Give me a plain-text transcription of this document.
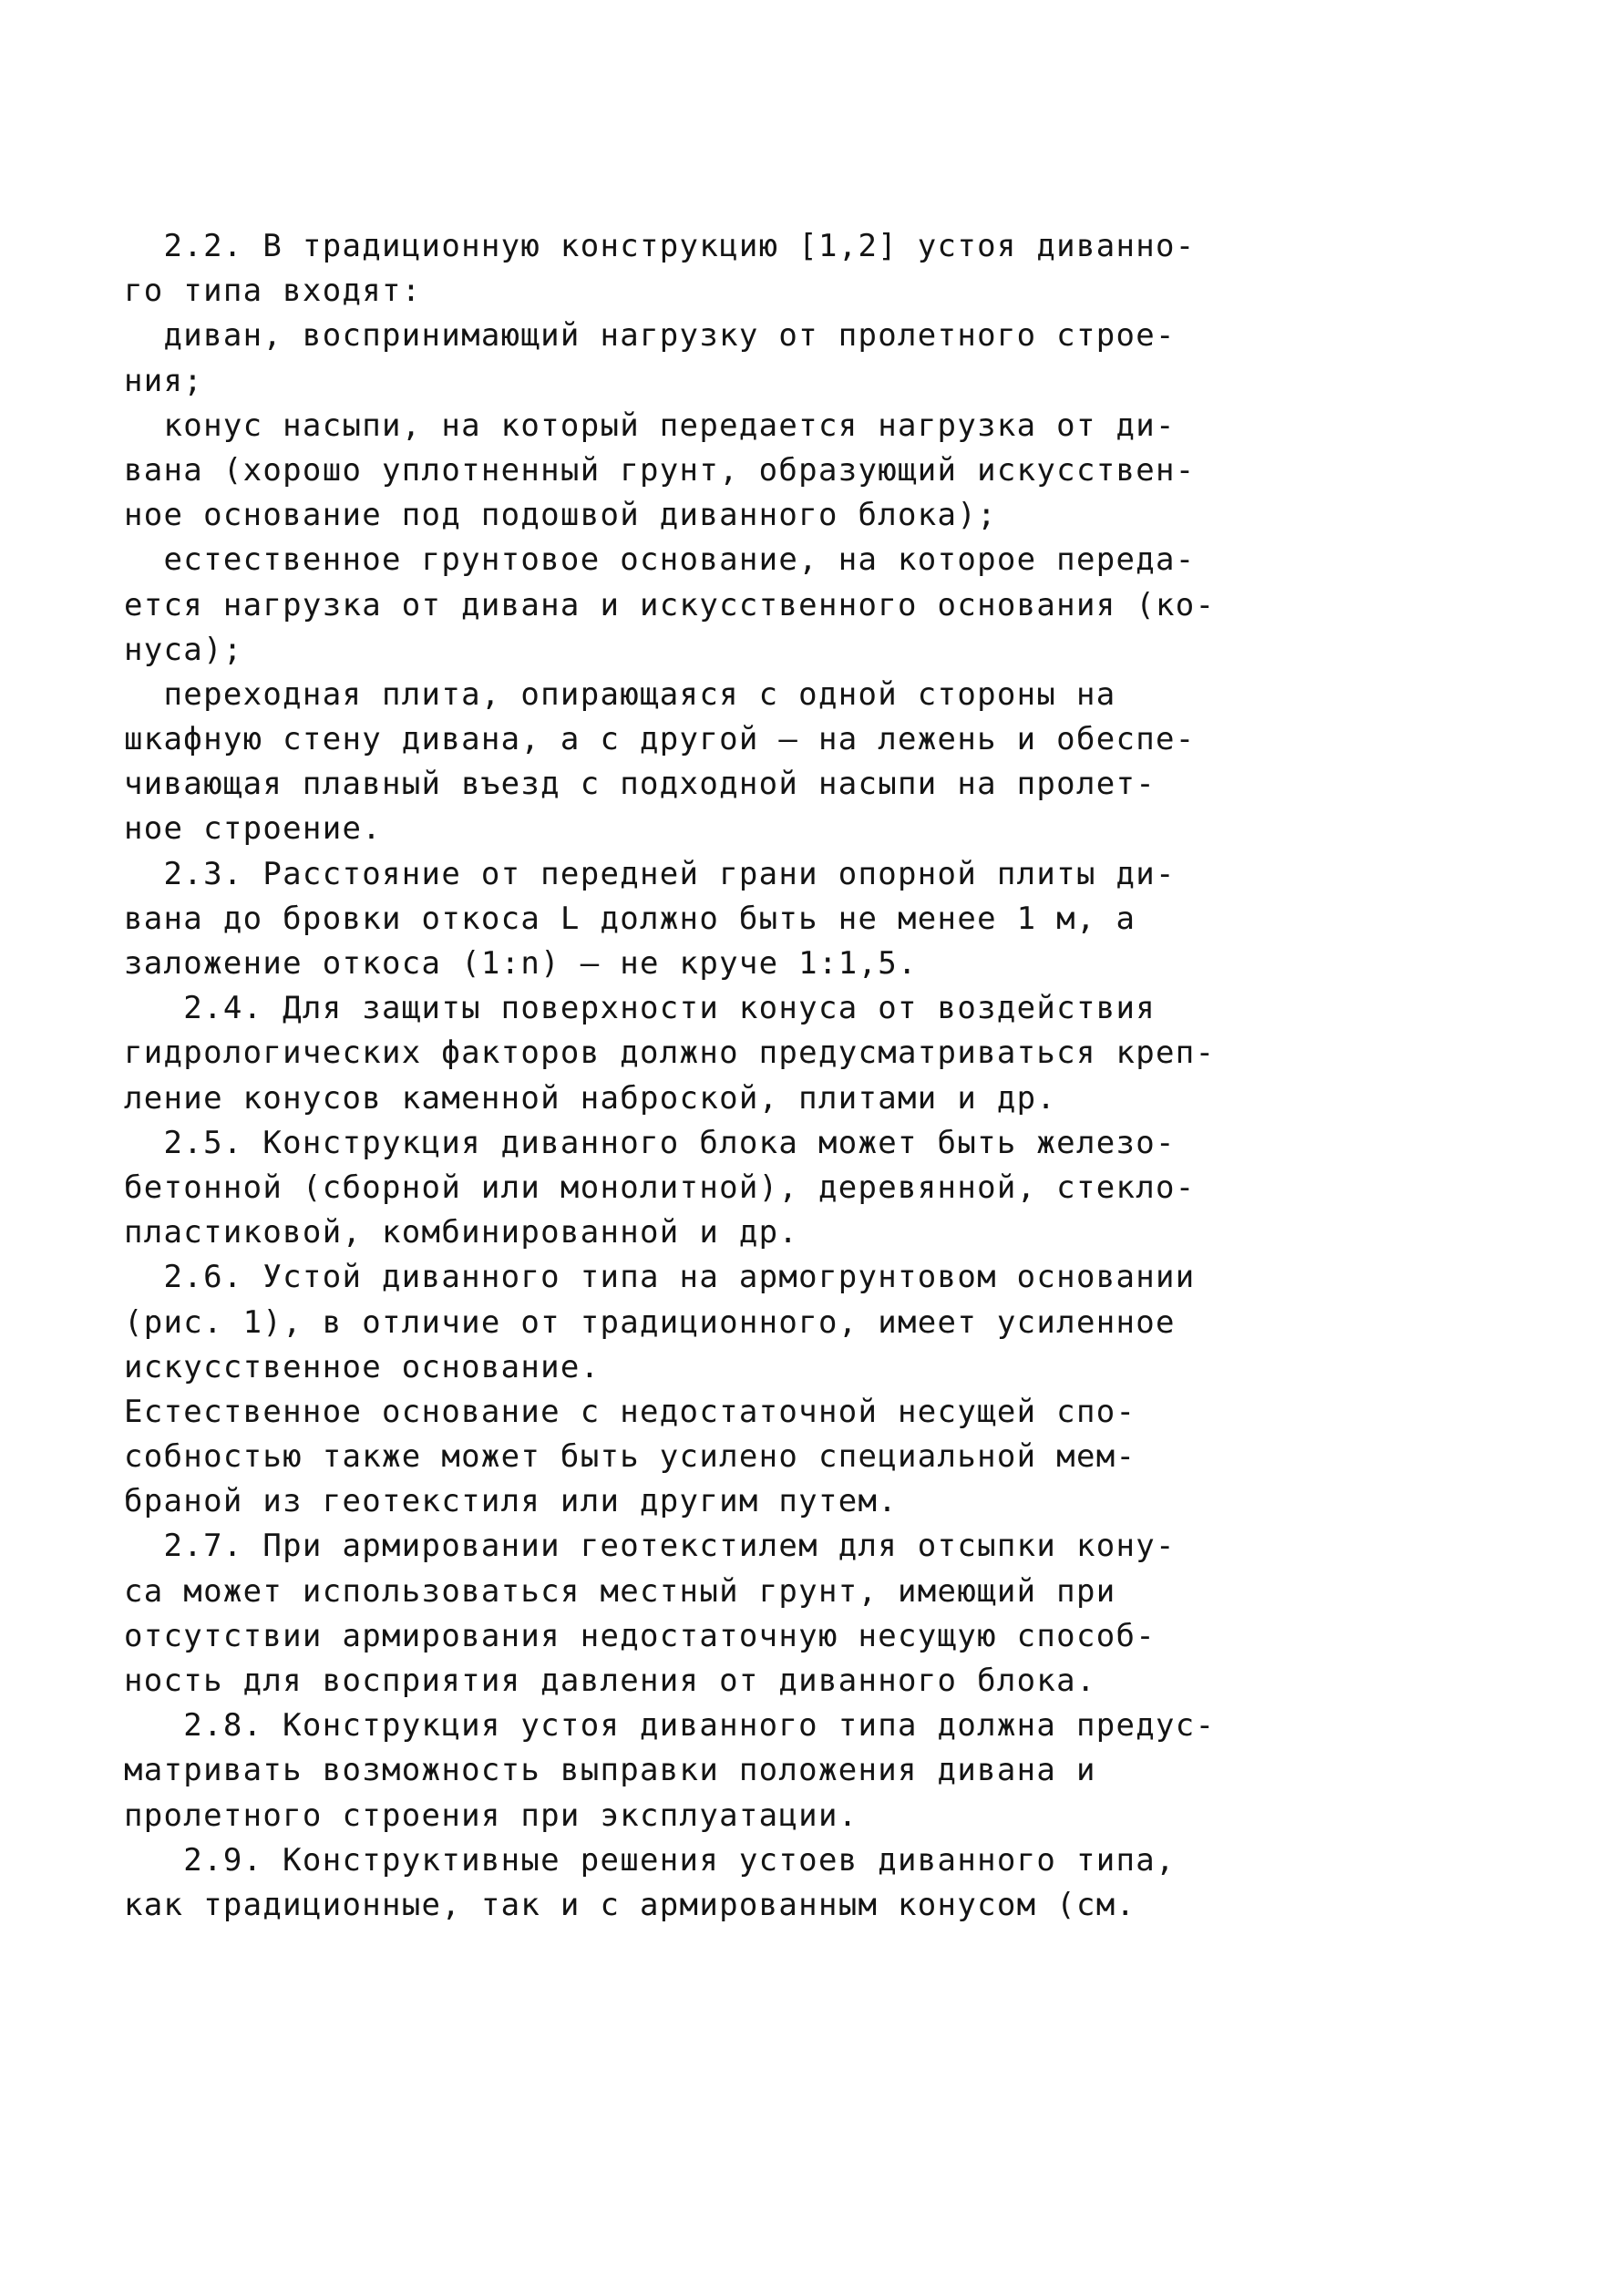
2.2. В традиционную конструкцию [1,2] устоя диванно-
го типа входят:
диван, воспринимающий нагрузку от пролетного строе-
ния;
конус насыпи, на который передается нагрузка от ди-
вана (хорошо уплотненный грунт, образующий искусствен-
ное основание под подошвой диванного блока);
естественное грунтовое основание, на которое переда-
ется нагрузка от дивана и искусственного основания (ко-
нуса);
переходная плита, опирающаяся с одной стороны на
шкафную стену дивана, а с другой – на лежень и обеспе-
чивающая плавный въезд с подходной насыпи на пролет-
ное строение.
2.3. Расстояние от передней грани опорной плиты ди-
вана до бровки откоса L должно быть не менее 1 м, а
заложение откоса (1:n) – не круче 1:1,5.
2.4. Для защиты поверхности конуса от воздействия
гидрологических факторов должно предусматриваться креп-
ление конусов каменной наброской, плитами и др.
2.5. Конструкция диванного блока может быть железо-
бетонной (сборной или монолитной), деревянной, стекло-
пластиковой, комбинированной и др.
2.6. Устой диванного типа на армогрунтовом основании
(рис. 1), в отличие от традиционного, имеет усиленное
искусственное основание.
Естественное основание с недостаточной несущей спо-
собностью также может быть усилено специальной мем-
браной из геотекстиля или другим путем.
2.7. При армировании геотекстилем для отсыпки кону-
са может использоваться местный грунт, имеющий при
отсутствии армирования недостаточную несущую способ-
ность для восприятия давления от диванного блока.
2.8. Конструкция устоя диванного типа должна предус-
матривать возможность выправки положения дивана и
пролетного строения при эксплуатации.
2.9. Конструктивные решения устоев диванного типа,
как традиционные, так и с армированным конусом (см.
